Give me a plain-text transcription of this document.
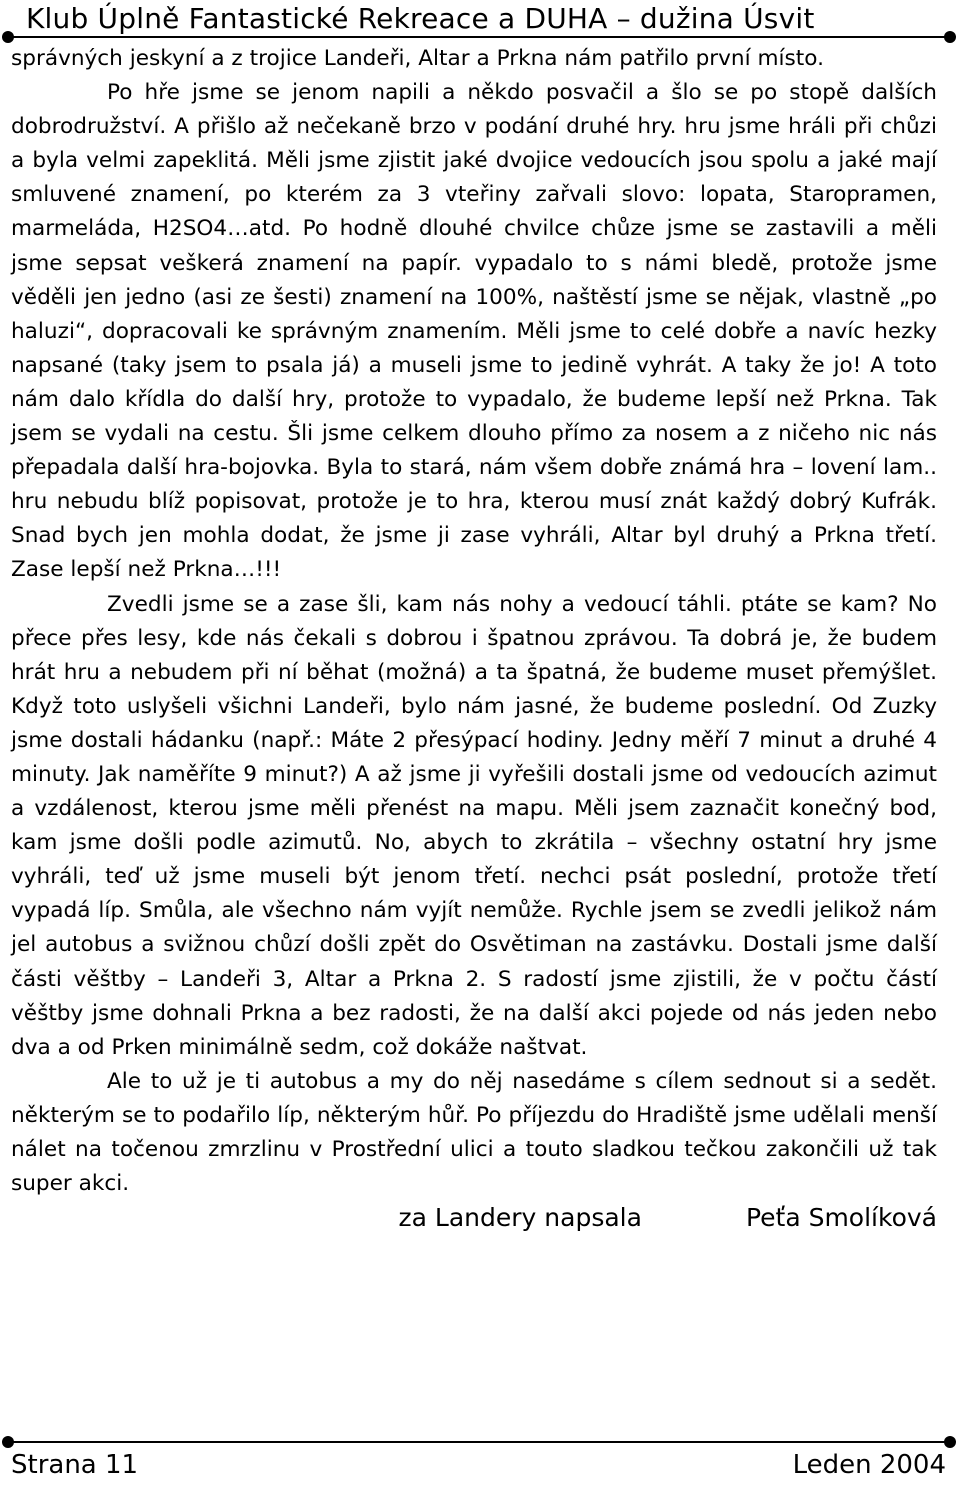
Klub Úplně Fantastické Rekreace a DUHA – dužina Úsvit

správných jeskyní a z trojice Landeři, Altar a Prkna nám patřilo první místo.

Po hře jsme se jenom napili a někdo posvačil a šlo se po stopě dalších dobrodružství. A přišlo až nečekaně brzo v podání druhé hry. hru jsme hráli při chůzi a byla velmi zapeklitá. Měli jsme zjistit jaké dvojice vedoucích jsou spolu a jaké mají smluvené znamení, po kterém za 3 vteřiny zařvali slovo: lopata, Staropramen, marmeláda, H2SO4…atd. Po hodně dlouhé chvilce chůze jsme se zastavili a měli jsme sepsat veškerá znamení na papír. vypadalo to s námi bledě, protože jsme věděli jen jedno (asi ze šesti) znamení na 100%, naštěstí jsme se nějak, vlastně „po haluzi“, dopracovali ke správným znamením. Měli jsme to celé dobře a navíc hezky napsané (taky jsem to psala já) a museli jsme to jedině vyhrát. A taky že jo! A toto nám dalo křídla do další hry, protože to vypadalo, že budeme lepší než Prkna. Tak jsem se vydali na cestu. Šli jsme celkem dlouho přímo za nosem a z ničeho nic nás přepadala další hra-bojovka. Byla to stará, nám všem dobře známá hra – lovení lam.. hru nebudu blíž popisovat, protože je to hra, kterou musí znát každý dobrý Kufrák. Snad bych jen mohla dodat, že jsme ji zase vyhráli, Altar byl druhý a Prkna třetí. Zase lepší než Prkna…!!!

Zvedli jsme se a zase šli, kam nás nohy a vedoucí táhli. ptáte se kam? No přece přes lesy, kde nás čekali s dobrou i špatnou zprávou. Ta dobrá je, že budem hrát hru a nebudem při ní běhat (možná) a ta špatná, že budeme muset přemýšlet. Když toto uslyšeli všichni Landeři, bylo nám jasné, že budeme poslední. Od Zuzky jsme dostali hádanku (např.: Máte 2 přesýpací hodiny. Jedny měří 7 minut a druhé 4 minuty. Jak naměříte 9 minut?) A až jsme ji vyřešili dostali jsme od vedoucích azimut a vzdálenost, kterou jsme měli přenést na mapu. Měli jsem zaznačit konečný bod, kam jsme došli podle azimutů. No, abych to zkrátila – všechny ostatní hry jsme vyhráli, teď už jsme museli být jenom třetí. nechci psát poslední, protože třetí vypadá líp. Smůla, ale všechno nám vyjít nemůže. Rychle jsem se zvedli jelikož nám jel autobus a svižnou chůzí došli zpět do Osvětiman na zastávku. Dostali jsme další části věštby – Landeři 3, Altar a Prkna 2. S radostí jsme zjistili, že v počtu částí věštby jsme dohnali Prkna a bez radosti, že na další akci pojede od nás jeden nebo dva a od Prken minimálně sedm, což dokáže naštvat.

Ale to už je ti autobus a my do něj nasedáme s cílem sednout si a sedět. některým se to podařilo líp, některým hůř. Po příjezdu do Hradiště jsme udělali menší nálet na točenou zmrzlinu v Prostřední ulici a touto sladkou tečkou zakončili už tak super akci.

za Landery napsala	Peťa Smolíková

Strana 11	Leden 2004
